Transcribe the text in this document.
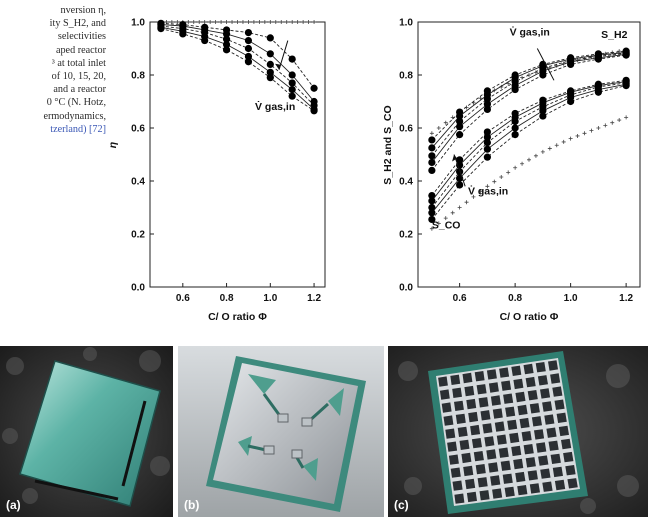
nversion η,
ity S_H2, and
selectivities
aped reactor
³ at total inlet
of 10, 15, 20,
and a reactor
0 °C (N. Hotz,
ermodynamics,
tzerland) [72]
0.0
0.2
0.4
0.6
0.8
1.0
0.6	0.8	1.0	1.2
C/ O ratio Φ
η
V̇ gas,in
0.0
0.2
0.4
0.6
0.8
1.0
0.6	0.8	1.0	1.2
C/ O ratio Φ
S_H2 and S_CO
V̇ gas,in	S_H2
V̇ gas,in
S_CO
(a)	(b)	(c)
